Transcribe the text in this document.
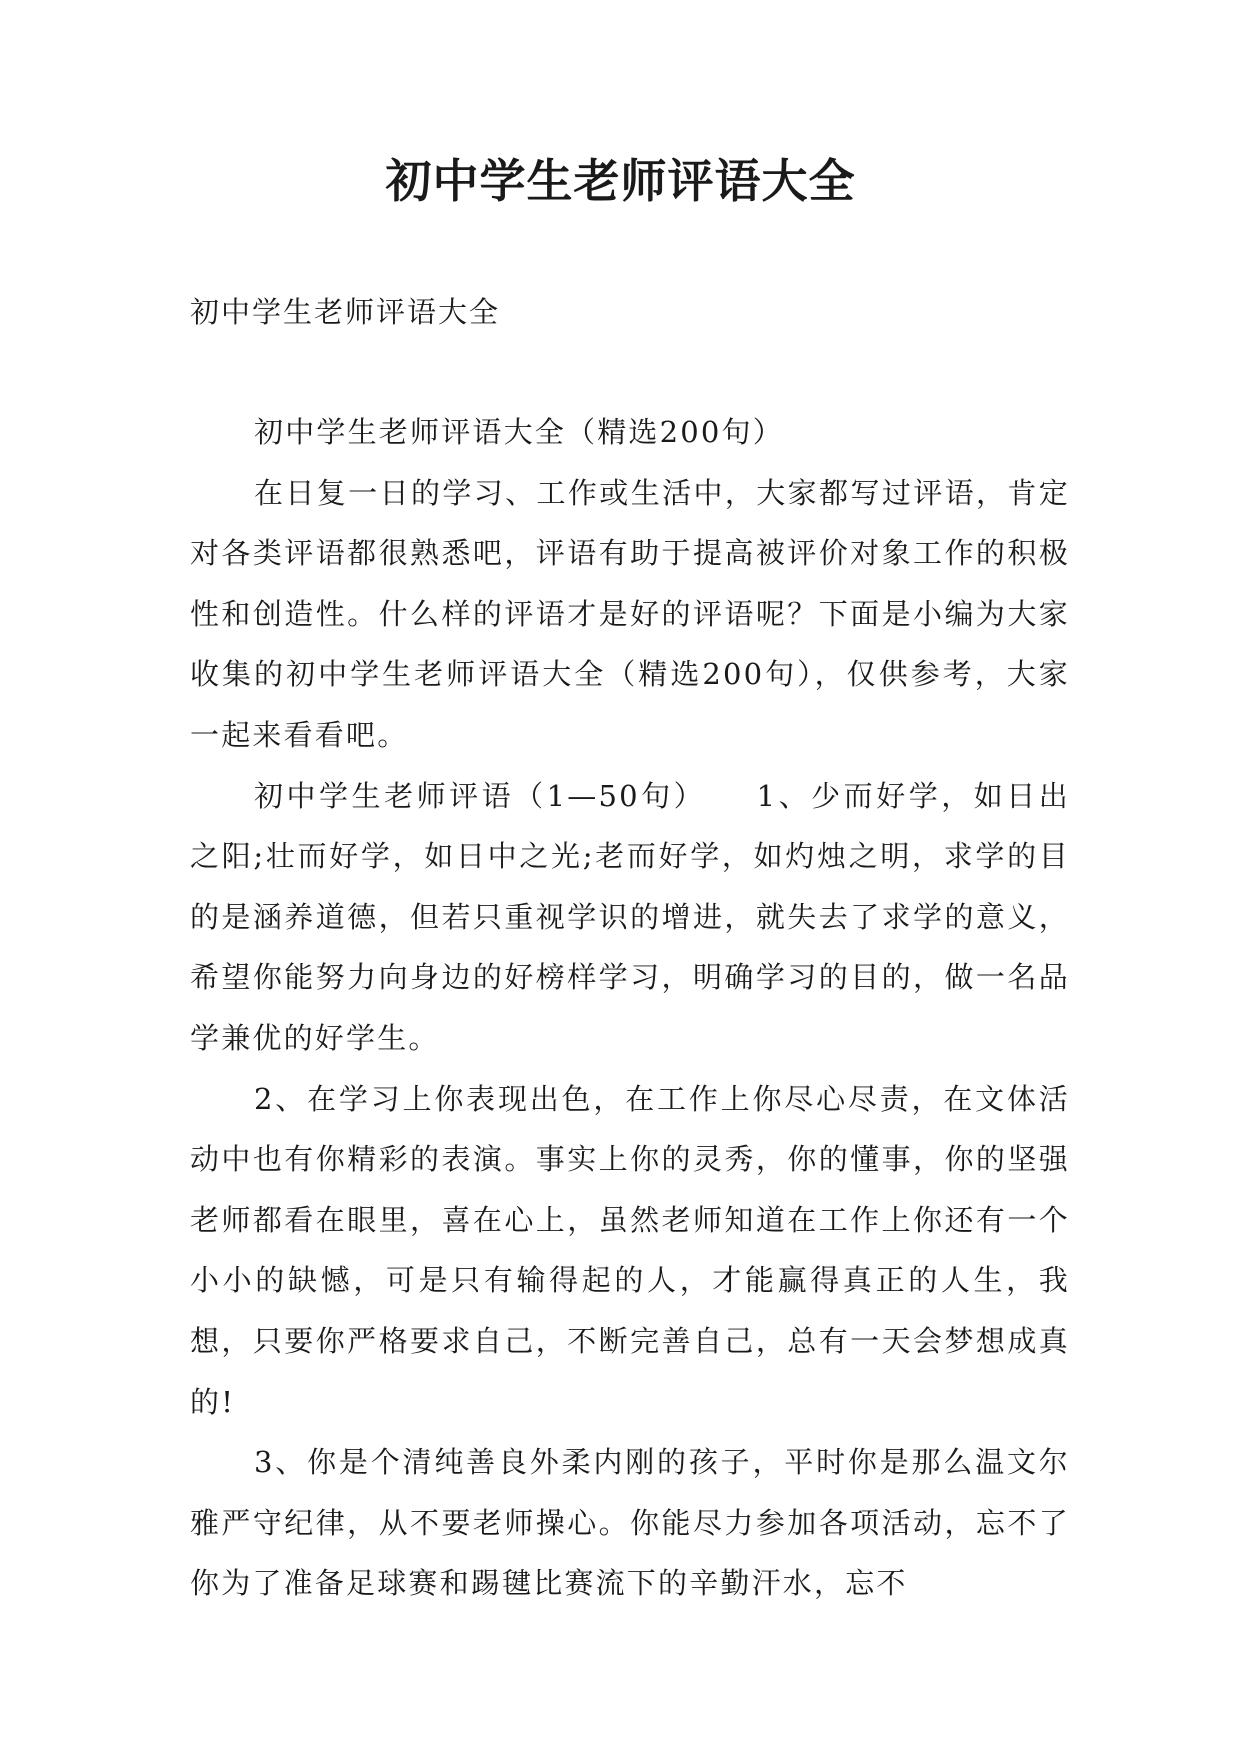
初中学生老师评语大全
初中学生老师评语大全

初中学生老师评语大全（精选200句）

在日复一日的学习、工作或生活中，大家都写过评语，肯定对各类评语都很熟悉吧，评语有助于提高被评价对象工作的积极性和创造性。什么样的评语才是好的评语呢？下面是小编为大家收集的初中学生老师评语大全（精选200句），仅供参考，大家一起来看看吧。

初中学生老师评语（1—50句）　　1、少而好学，如日出之阳;壮而好学，如日中之光;老而好学，如灼烛之明，求学的目的是涵养道德，但若只重视学识的增进，就失去了求学的意义，希望你能努力向身边的好榜样学习，明确学习的目的，做一名品学兼优的好学生。

2、在学习上你表现出色，在工作上你尽心尽责，在文体活动中也有你精彩的表演。事实上你的灵秀，你的懂事，你的坚强老师都看在眼里，喜在心上，虽然老师知道在工作上你还有一个小小的缺憾，可是只有输得起的人，才能赢得真正的人生，我想，只要你严格要求自己，不断完善自己，总有一天会梦想成真的!

3、你是个清纯善良外柔内刚的孩子，平时你是那么温文尔雅严守纪律，从不要老师操心。你能尽力参加各项活动，忘不了你为了准备足球赛和踢毽比赛流下的辛勤汗水，忘不
